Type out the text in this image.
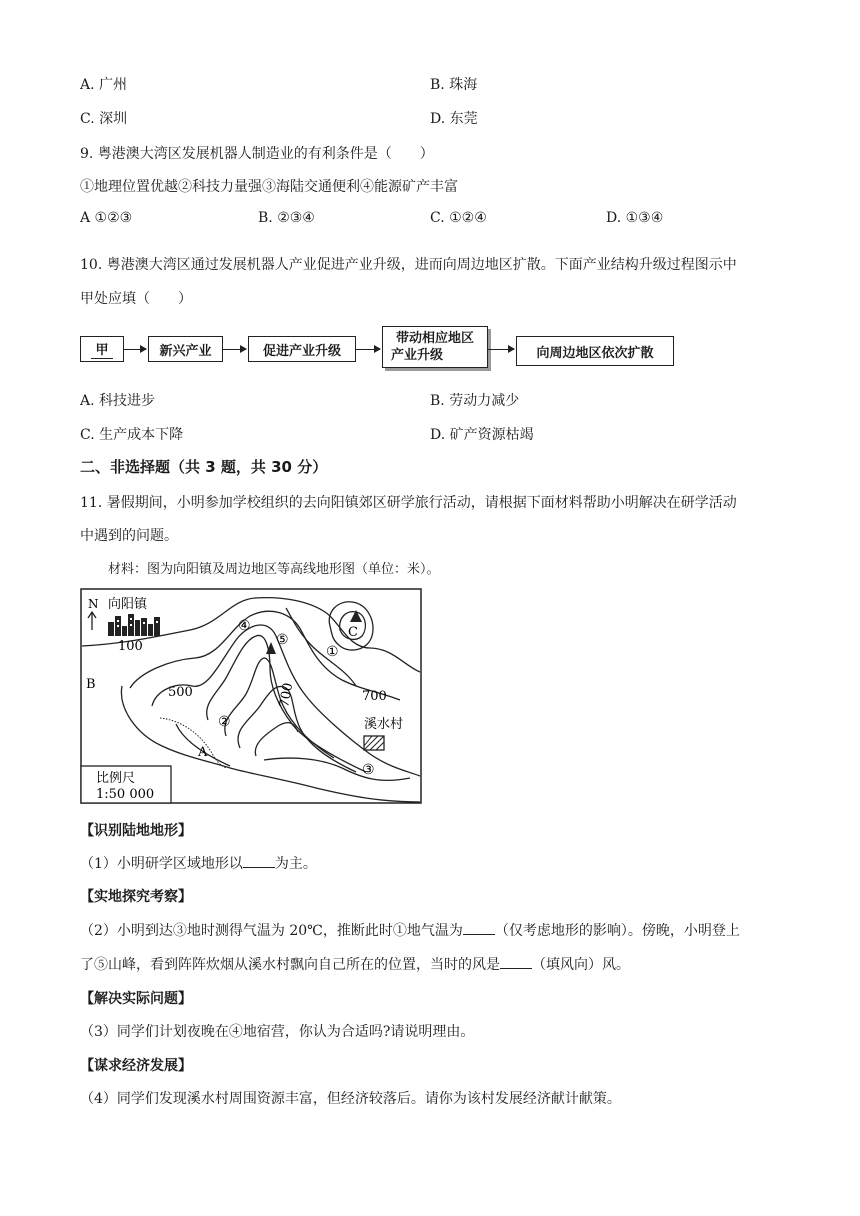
A. 广州	B. 珠海
C. 深圳	D. 东莞
9. 粤港澳大湾区发展机器人制造业的有利条件是（　　）
①地理位置优越②科技力量强③海陆交通便利④能源矿产丰富
A ①②③	B. ②③④	C. ①②④	D. ①③④
10. 粤港澳大湾区通过发展机器人产业促进产业升级，进而向周边地区扩散。下面产业结构升级过程图示中
甲处应填（　　）
甲	新兴产业	促进产业升级
带动相应地区
产业升级	向周边地区依次扩散
A. 科技进步	B. 劳动力减少
C. 生产成本下降	D. 矿产资源枯竭
二、非选择题（共 3 题，共 30 分）
11. 暑假期间，小明参加学校组织的去向阳镇郊区研学旅行活动，请根据下面材料帮助小明解决在研学活动
中遇到的问题。
材料：图为向阳镇及周边地区等高线地形图（单位：米）。
N 向阳镇
溪水村
100
500	700	700
A
B
C
①
②
③
④
⑤
比例尺
1:50 000
【识别陆地地形】
（1）小明研学区域地形以 为主。
【实地探究考察】
（2）小明到达③地时测得气温为 20℃，推断此时①地气温为 （仅考虑地形的影响）。傍晚，小明登上
了⑤山峰，看到阵阵炊烟从溪水村飘向自己所在的位置，当时的风是 （填风向）风。
【解决实际问题】
（3）同学们计划夜晚在④地宿营，你认为合适吗?请说明理由。
【谋求经济发展】
（4）同学们发现溪水村周围资源丰富，但经济较落后。请你为该村发展经济献计献策。
